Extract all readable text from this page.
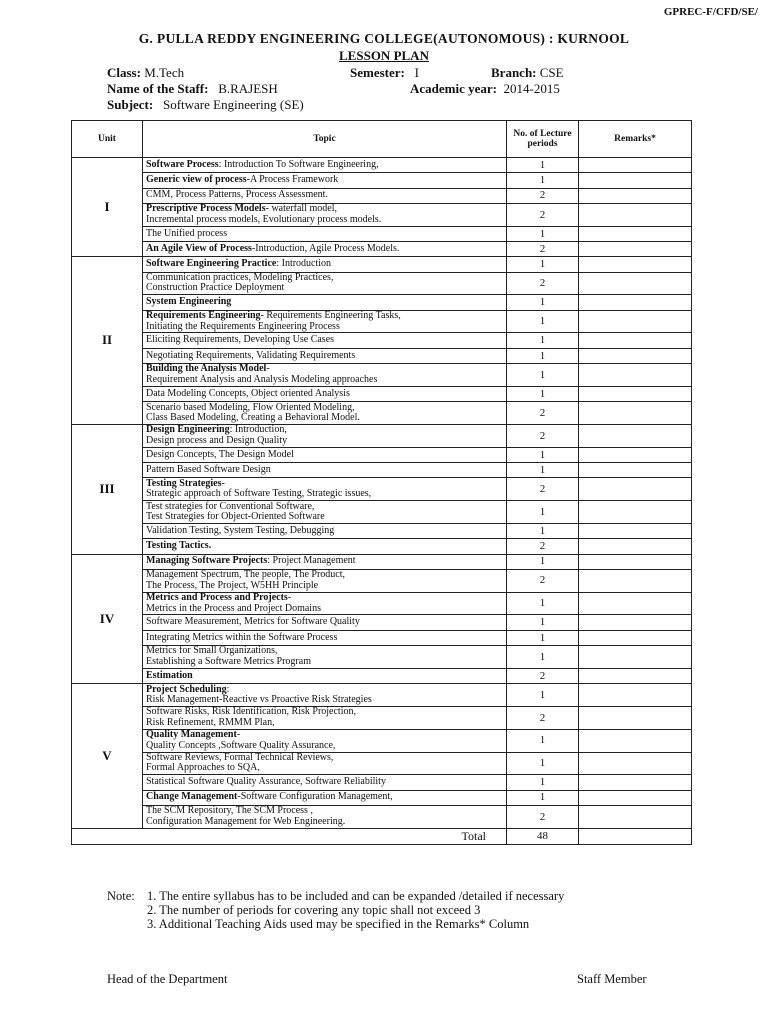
GPREC-F/CFD/SE/
G. PULLA REDDY ENGINEERING COLLEGE(AUTONOMOUS) : KURNOOL
LESSON PLAN
Class: M.Tech	Semester: I	Branch: CSE
Name of the Staff: B.RAJESH	Academic year: 2014-2015
Subject: Software Engineering (SE)
Unit	Topic	No. of Lecture periods	Remarks*
I	Software Process: Introduction To Software Engineering,	1	
	Generic view of process-A Process Framework	1	
	CMM, Process Patterns, Process Assessment.	2	
	Prescriptive Process Models- waterfall model,
Incremental process models, Evolutionary process models.	2	
	The Unified process	1	
	An Agile View of Process-Introduction, Agile Process Models.	2	
II	Software Engineering Practice: Introduction	1	
	Communication practices, Modeling Practices,
Construction Practice Deployment	2	
	System Engineering	1	
	Requirements Engineering- Requirements Engineering Tasks,
Initiating the Requirements Engineering Process	1	
	Eliciting Requirements, Developing Use Cases	1	
	Negotiating Requirements, Validating Requirements	1	
	Building the Analysis Model-
Requirement Analysis and Analysis Modeling approaches	1	
	Data Modeling Concepts, Object oriented Analysis	1	
	Scenario based Modeling, Flow Oriented Modeling,
Class Based Modeling, Creating a Behavioral Model.	2	
III	Design Engineering: Introduction,
Design process and Design Quality	2	
	Design Concepts, The Design Model	1	
	Pattern Based Software Design	1	
	Testing Strategies-
Strategic approach of Software Testing, Strategic issues,	2	
	Test strategies for Conventional Software,
Test Strategies for Object-Oriented Software	1	
	Validation Testing, System Testing, Debugging	1	
	Testing Tactics.	2	
IV	Managing Software Projects: Project Management	1	
	Management Spectrum, The people, The Product,
The Process, The Project, W5HH Principle	2	
	Metrics and Process and Projects-
Metrics in the Process and Project Domains	1	
	Software Measurement, Metrics for Software Quality	1	
	Integrating Metrics within the Software Process	1	
	Metrics for Small Organizations,
Establishing a Software Metrics Program	1	
	Estimation	2	
V	Project Scheduling:
Risk Management-Reactive vs Proactive Risk Strategies	1	
	Software Risks, Risk Identification, Risk Projection,
Risk Refinement, RMMM Plan,	2	
	Quality Management-
Quality Concepts ,Software Quality Assurance,	1	
	Software Reviews, Formal Technical Reviews,
Formal Approaches to SQA,	1	
	Statistical Software Quality Assurance, Software Reliability	1	
	Change Management-Software Configuration Management,	1	
	The SCM Repository, The SCM Process ,
Configuration Management for Web Engineering.	2	
Total		48	
Note: 1. The entire syllabus has to be included and can be expanded /detailed if necessary
2. The number of periods for covering any topic shall not exceed 3
3. Additional Teaching Aids used may be specified in the Remarks* Column
Head of the Department	Staff Member
